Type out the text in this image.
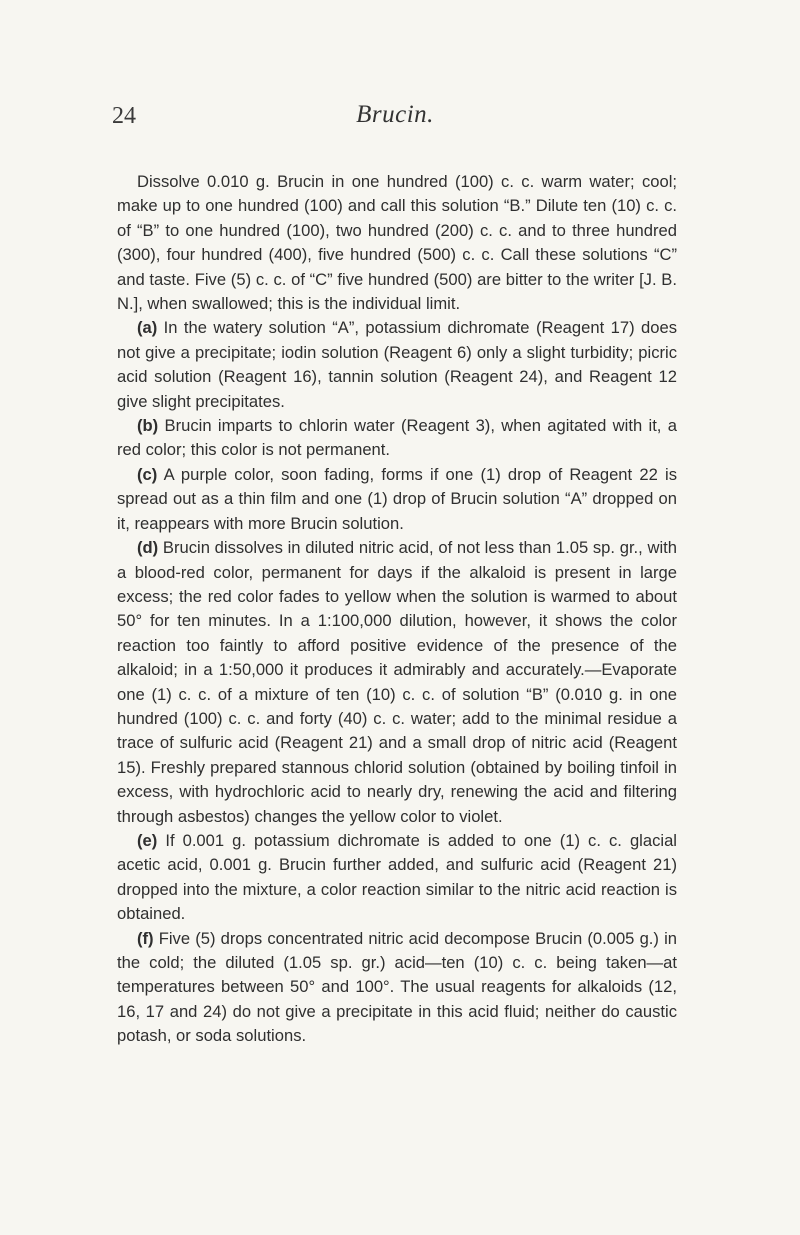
24	Brucin.

Dissolve 0.010 g. Brucin in one hundred (100) c. c. warm water; cool; make up to one hundred (100) and call this solution “B.” Dilute ten (10) c. c. of “B” to one hundred (100), two hundred (200) c. c. and to three hundred (300), four hundred (400), five hundred (500) c. c. Call these solutions “C” and taste. Five (5) c. c. of “C” five hundred (500) are bitter to the writer [J. B. N.], when swallowed; this is the individual limit.

(a) In the watery solution “A”, potassium dichromate (Reagent 17) does not give a precipitate; iodin solution (Reagent 6) only a slight turbidity; picric acid solution (Reagent 16), tannin solution (Reagent 24), and Reagent 12 give slight precipitates.

(b) Brucin imparts to chlorin water (Reagent 3), when agitated with it, a red color; this color is not permanent.

(c) A purple color, soon fading, forms if one (1) drop of Reagent 22 is spread out as a thin film and one (1) drop of Brucin solution “A” dropped on it, reappears with more Brucin solution.

(d) Brucin dissolves in diluted nitric acid, of not less than 1.05 sp. gr., with a blood-red color, permanent for days if the alkaloid is present in large excess; the red color fades to yellow when the solution is warmed to about 50° for ten minutes. In a 1:100,000 dilution, however, it shows the color reaction too faintly to afford positive evidence of the presence of the alkaloid; in a 1:50,000 it produces it admirably and accurately.—Evaporate one (1) c. c. of a mixture of ten (10) c. c. of solution “B” (0.010 g. in one hundred (100) c. c. and forty (40) c. c. water; add to the minimal residue a trace of sulfuric acid (Reagent 21) and a small drop of nitric acid (Reagent 15). Freshly prepared stannous chlorid solution (obtained by boiling tinfoil in excess, with hydrochloric acid to nearly dry, renewing the acid and filtering through asbestos) changes the yellow color to violet.

(e) If 0.001 g. potassium dichromate is added to one (1) c. c. glacial acetic acid, 0.001 g. Brucin further added, and sulfuric acid (Reagent 21) dropped into the mixture, a color reaction similar to the nitric acid reaction is obtained.

(f) Five (5) drops concentrated nitric acid decompose Brucin (0.005 g.) in the cold; the diluted (1.05 sp. gr.) acid—ten (10) c. c. being taken—at temperatures between 50° and 100°. The usual reagents for alkaloids (12, 16, 17 and 24) do not give a precipitate in this acid fluid; neither do caustic potash, or soda solutions.
